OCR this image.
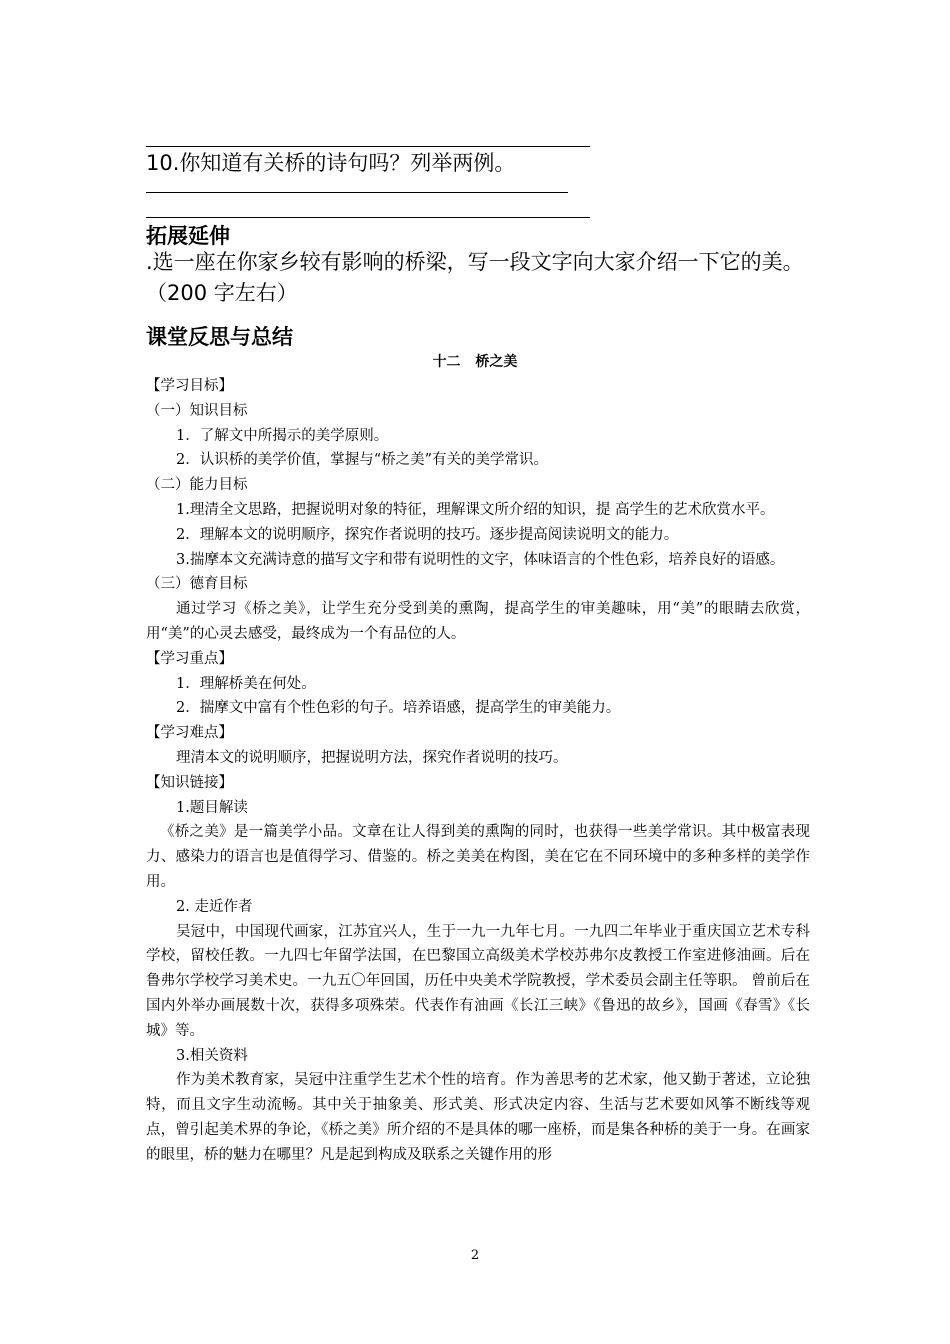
10.你知道有关桥的诗句吗？列举两例。
拓展延伸
.选一座在你家乡较有影响的桥梁，写一段文字向大家介绍一下它的美。（200 字左右）
课堂反思与总结
十二 桥之美

【学习目标】

（一）知识目标

1．了解文中所揭示的美学原则。

2．认识桥的美学价值，掌握与“桥之美”有关的美学常识。

（二）能力目标

1.理清全文思路，把握说明对象的特征，理解课文所介绍的知识，提 高学生的艺术欣赏水平。

2．理解本文的说明顺序，探究作者说明的技巧。逐步提高阅读说明文的能力。

3.揣摩本文充满诗意的描写文字和带有说明性的文字，体味语言的个性色彩，培养良好的语感。

（三）德育目标

通过学习《桥之美》，让学生充分受到美的熏陶，提高学生的审美趣味，用“美”的眼睛去欣赏，用“美”的心灵去感受，最终成为一个有品位的人。

【学习重点】

1．理解桥美在何处。

2．揣摩文中富有个性色彩的句子。培养语感，提高学生的审美能力。

【学习难点】

理清本文的说明顺序，把握说明方法，探究作者说明的技巧。

【知识链接】

1.题目解读

《桥之美》是一篇美学小品。文章在让人得到美的熏陶的同时，也获得一些美学常识。其中极富表现力、感染力的语言也是值得学习、借鉴的。桥之美美在构图，美在它在不同环境中的多种多样的美学作用。

2. 走近作者

吴冠中，中国现代画家，江苏宜兴人，生于一九一九年七月。一九四二年毕业于重庆国立艺术专科学校，留校任教。一九四七年留学法国，在巴黎国立高级美术学校苏弗尔皮教授工作室进修油画。后在鲁弗尔学校学习美术史。一九五〇年回国，历任中央美术学院教授，学术委员会副主任等职。 曾前后在国内外举办画展数十次，获得多项殊荣。代表作有油画《长江三峡》《鲁迅的故乡》，国画《春雪》《长城》等。

3.相关资料

作为美术教育家，吴冠中注重学生艺术个性的培育。作为善思考的艺术家，他又勤于著述，立论独特，而且文字生动流畅。其中关于抽象美、形式美、形式决定内容、生活与艺术要如风筝不断线等观点，曾引起美术界的争论，《桥之美》所介绍的不是具体的哪一座桥，而是集各种桥的美于一身。在画家的眼里，桥的魅力在哪里？凡是起到构成及联系之关键作用的形

2
